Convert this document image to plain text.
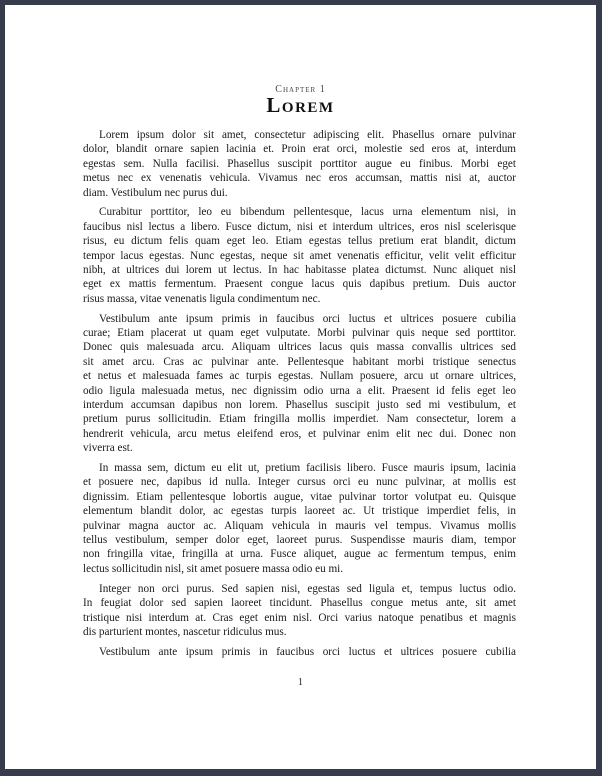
Chapter 1
Lorem
Lorem ipsum dolor sit amet, consectetur adipiscing elit. Phasellus ornare pulvinar
dolor, blandit ornare sapien lacinia et. Proin erat orci, molestie sed eros at, interdum
egestas sem. Nulla facilisi. Phasellus suscipit porttitor augue eu finibus. Morbi eget
metus nec ex venenatis vehicula. Vivamus nec eros accumsan, mattis nisi at, auctor
diam. Vestibulum nec purus dui.
Curabitur porttitor, leo eu bibendum pellentesque, lacus urna elementum nisi, in
faucibus nisl lectus a libero. Fusce dictum, nisi et interdum ultrices, eros nisl scelerisque
risus, eu dictum felis quam eget leo. Etiam egestas tellus pretium erat blandit, dictum
tempor lacus egestas. Nunc egestas, neque sit amet venenatis efficitur, velit velit efficitur
nibh, at ultrices dui lorem ut lectus. In hac habitasse platea dictumst. Nunc aliquet nisl
eget ex mattis fermentum. Praesent congue lacus quis dapibus pretium. Duis auctor
risus massa, vitae venenatis ligula condimentum nec.
Vestibulum ante ipsum primis in faucibus orci luctus et ultrices posuere cubilia
curae; Etiam placerat ut quam eget vulputate. Morbi pulvinar quis neque sed porttitor.
Donec quis malesuada arcu. Aliquam ultrices lacus quis massa convallis ultrices sed
sit amet arcu. Cras ac pulvinar ante. Pellentesque habitant morbi tristique senectus
et netus et malesuada fames ac turpis egestas. Nullam posuere, arcu ut ornare ultrices,
odio ligula malesuada metus, nec dignissim odio urna a elit. Praesent id felis eget leo
interdum accumsan dapibus non lorem. Phasellus suscipit justo sed mi vestibulum, et
pretium purus sollicitudin. Etiam fringilla mollis imperdiet. Nam consectetur, lorem a
hendrerit vehicula, arcu metus eleifend eros, et pulvinar enim elit nec dui. Donec non
viverra est.
In massa sem, dictum eu elit ut, pretium facilisis libero. Fusce mauris ipsum, lacinia
et posuere nec, dapibus id nulla. Integer cursus orci eu nunc pulvinar, at mollis est
dignissim. Etiam pellentesque lobortis augue, vitae pulvinar tortor volutpat eu. Quisque
elementum blandit dolor, ac egestas turpis laoreet ac. Ut tristique imperdiet felis, in
pulvinar magna auctor ac. Aliquam vehicula in mauris vel tempus. Vivamus mollis
tellus vestibulum, semper dolor eget, laoreet purus. Suspendisse mauris diam, tempor
non fringilla vitae, fringilla at urna. Fusce aliquet, augue ac fermentum tempus, enim
lectus sollicitudin nisl, sit amet posuere massa odio eu mi.
Integer non orci purus. Sed sapien nisi, egestas sed ligula et, tempus luctus odio.
In feugiat dolor sed sapien laoreet tincidunt. Phasellus congue metus ante, sit amet
tristique nisi interdum at. Cras eget enim nisl. Orci varius natoque penatibus et magnis
dis parturient montes, nascetur ridiculus mus.
Vestibulum ante ipsum primis in faucibus orci luctus et ultrices posuere cubilia
1
